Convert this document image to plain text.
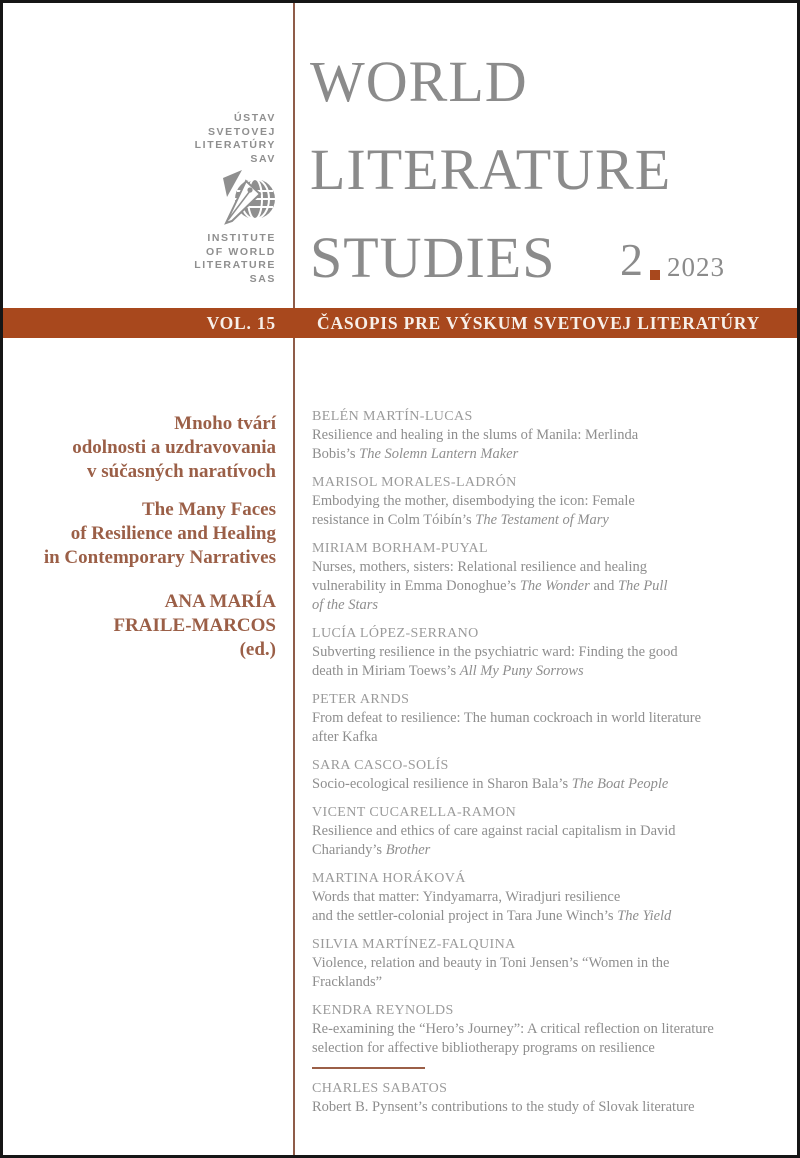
ÚSTAV
SVETOVEJ
LITERATÚRY
SAV
INSTITUTE
OF WORLD
LITERATURE
SAS
WORLD
LITERATURE
STUDIES	2 2023
VOL. 15 ČASOPIS PRE VÝSKUM SVETOVEJ LITERATÚRY
Mnoho tvárí
odolnosti a uzdravovania
v súčasných naratívoch
The Many Faces
of Resilience and Healing
in Contemporary Narratives
ANA MARÍA
FRAILE-MARCOS
(ed.)
BELÉN MARTÍN-LUCAS
Resilience and healing in the slums of Manila: Merlinda
Bobis’s The Solemn Lantern Maker
MARISOL MORALES-LADRÓN
Embodying the mother, disembodying the icon: Female
resistance in Colm Tóibín’s The Testament of Mary
MIRIAM BORHAM-PUYAL
Nurses, mothers, sisters: Relational resilience and healing
vulnerability in Emma Donoghue’s The Wonder and The Pull
of the Stars
LUCÍA LÓPEZ-SERRANO
Subverting resilience in the psychiatric ward: Finding the good
death in Miriam Toews’s All My Puny Sorrows
PETER ARNDS
From defeat to resilience: The human cockroach in world literature
after Kafka
SARA CASCO-SOLÍS
Socio-ecological resilience in Sharon Bala’s The Boat People
VICENT CUCARELLA-RAMON
Resilience and ethics of care against racial capitalism in David
Chariandy’s Brother
MARTINA HORÁKOVÁ
Words that matter: Yindyamarra, Wiradjuri resilience
and the settler-colonial project in Tara June Winch’s The Yield
SILVIA MARTÍNEZ-FALQUINA
Violence, relation and beauty in Toni Jensen’s “Women in the
Fracklands”
KENDRA REYNOLDS
Re-examining the “Hero’s Journey”: A critical reflection on literature
selection for affective bibliotherapy programs on resilience
CHARLES SABATOS
Robert B. Pynsent’s contributions to the study of Slovak literature
